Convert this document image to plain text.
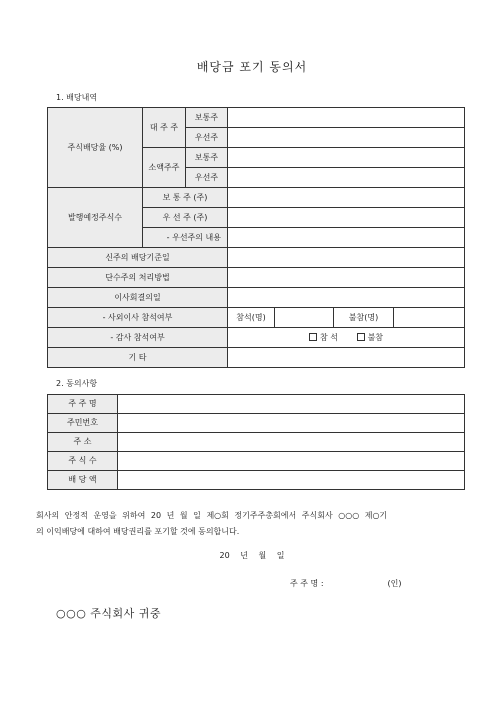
배당금 포기 동의서
1. 배당내역
주식배당율 (%)	대 주 주	보통주				
		우선주				
	소액주주	보통주				
		우선주				
발행예정주식수	보 통 주 (주)					
	우 선 주 (주)					
	- 우선주의 내용					
신주의 배당기준일						
단수주의 처리방법						
이사회결의일						
- 사외이사 참석여부			참석(명)		불참(명)	
- 감사 참석여부			참 석 불참			
기 타						
2. 동의사항
주 주 명	
주민번호	
주 소	
주 식 수	
배 당 액	
회사의 안정적 운영을 위하여 20 년 월 일 제○회 정기주주총회에서 주식회사 ○○○ 제○기
의 이익배당에 대하여 배당권리를 포기할 것에 동의합니다.
20 년 월 일
주 주 명 :	(인)
○○○ 주식회사 귀중
